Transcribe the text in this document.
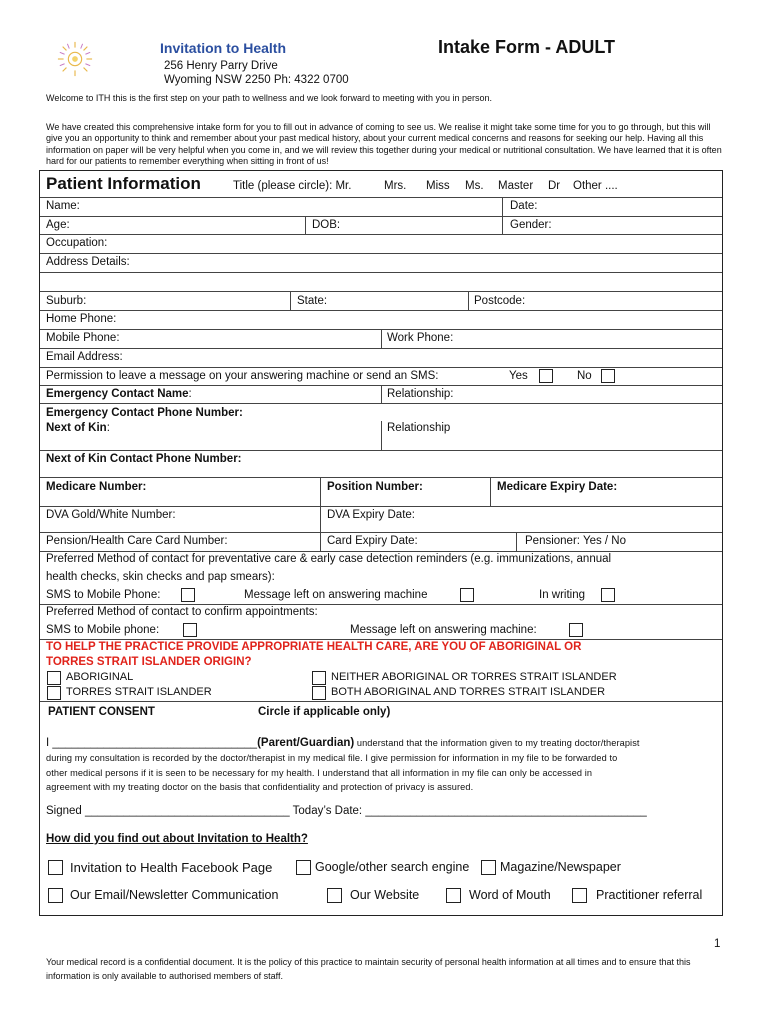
Invitation to Health	Intake Form - ADULT
256 Henry Parry Drive
Wyoming NSW 2250 Ph: 4322 0700
Welcome to ITH this is the first step on your path to wellness and we look forward to meeting with you in person.
We have created this comprehensive intake form for you to fill out in advance of coming to see us. We realise it might take some time for you to go through, but this will give you an opportunity to think and remember about your past medical history, about your current medical concerns and reasons for seeking our help. Having all this information on paper will be very helpful when you come in, and we will review this together during your medical or nutritional consultation. We have learned that it is often hard for our patients to remember everything when sitting in front of us!
Patient Information	Title (please circle): Mr.	Mrs. Miss Ms. Master Dr Other ....
Name:	Date:
Age:	DOB:	Gender:
Occupation:
Address Details:
Suburb:	State:	Postcode:
Home Phone:
Mobile Phone:	Work Phone:
Email Address:
Permission to leave a message on your answering machine or send an SMS:	Yes	No
Emergency Contact Name:	Relationship:
Emergency Contact Phone Number:
Next of Kin:	Relationship
Next of Kin Contact Phone Number:
Medicare Number:	Position Number:	Medicare Expiry Date:
DVA Gold/White Number:	DVA Expiry Date:
Pension/Health Care Card Number:	Card Expiry Date:	Pensioner: Yes / No
Preferred Method of contact for preventative care & early case detection reminders (e.g. immunizations, annual
health checks, skin checks and pap smears):
SMS to Mobile Phone:	Message left on answering machine	In writing
Preferred Method of contact to confirm appointments:
SMS to Mobile phone:	Message left on answering machine:
TO HELP THE PRACTICE PROVIDE APPROPRIATE HEALTH CARE, ARE YOU OF ABORIGINAL OR
TORRES STRAIT ISLANDER ORIGIN?
ABORIGINAL	NEITHER ABORIGINAL OR TORRES STRAIT ISLANDER
TORRES STRAIT ISLANDER	BOTH ABORIGINAL AND TORRES STRAIT ISLANDER
PATIENT CONSENT	Circle if applicable only)
I ________________________________(Parent/Guardian) understand that the information given to my treating doctor/therapist
during my consultation is recorded by the doctor/therapist in my medical file. I give permission for information in my file to be forwarded to
other medical persons if it is seen to be necessary for my health. I understand that all information in my file can only be accessed in
agreement with my treating doctor on the basis that confidentiality and protection of privacy is assured.
Signed ________________________________ Today’s Date: ____________________________________________
How did you find out about Invitation to Health?
Invitation to Health Facebook Page	Google/other search engine Magazine/Newspaper
Our Email/Newsletter Communication	Our Website	Word of Mouth	Practitioner referral
1
Your medical record is a confidential document. It is the policy of this practice to maintain security of personal health information at all times and to ensure that this information is only available to authorised members of staff.
